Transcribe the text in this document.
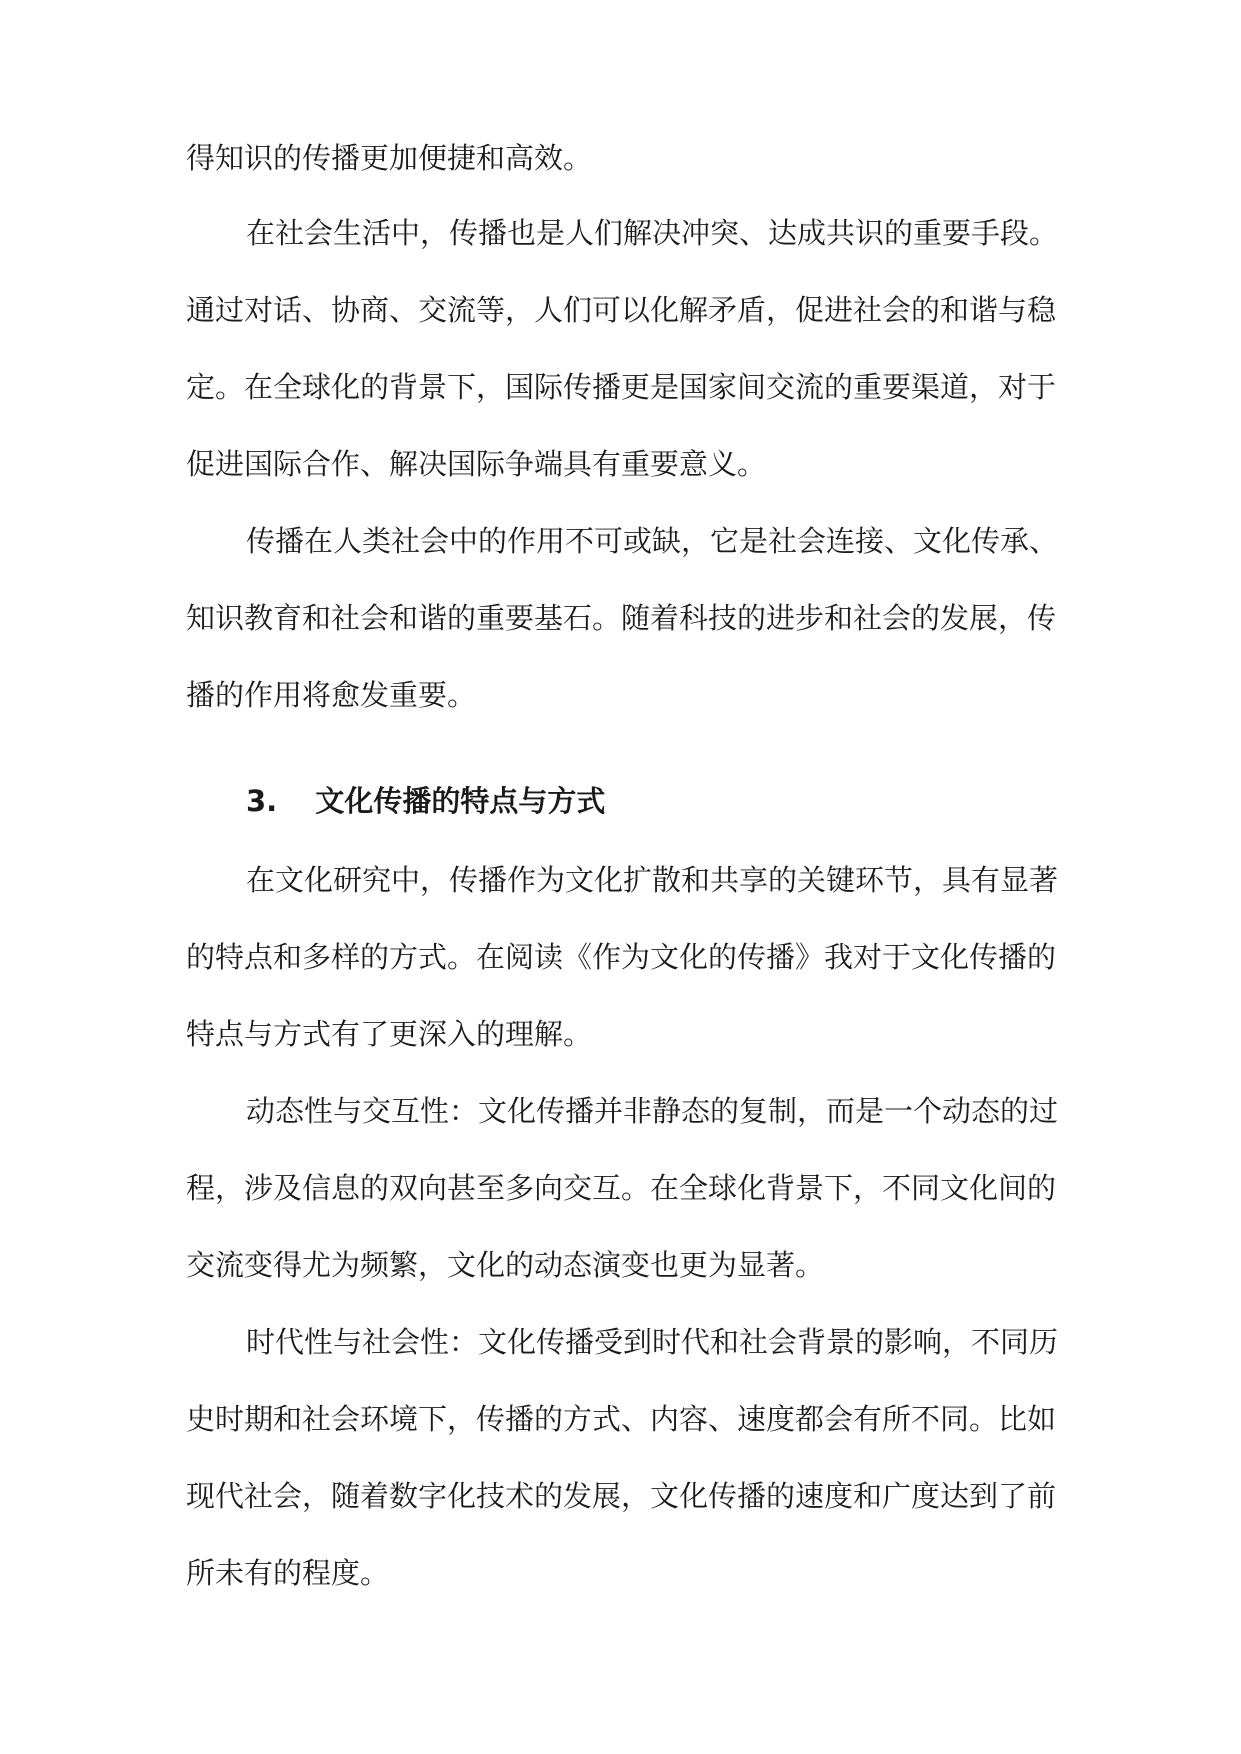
得知识的传播更加便捷和高效。

在社会生活中，传播也是人们解决冲突、达成共识的重要手段。

通过对话、协商、交流等，人们可以化解矛盾，促进社会的和谐与稳

定。在全球化的背景下，国际传播更是国家间交流的重要渠道，对于

促进国际合作、解决国际争端具有重要意义。

传播在人类社会中的作用不可或缺，它是社会连接、文化传承、

知识教育和社会和谐的重要基石。随着科技的进步和社会的发展，传

播的作用将愈发重要。

3. 文化传播的特点与方式

在文化研究中，传播作为文化扩散和共享的关键环节，具有显著

的特点和多样的方式。在阅读《作为文化的传播》我对于文化传播的

特点与方式有了更深入的理解。

动态性与交互性：文化传播并非静态的复制，而是一个动态的过

程，涉及信息的双向甚至多向交互。在全球化背景下，不同文化间的

交流变得尤为频繁，文化的动态演变也更为显著。

时代性与社会性：文化传播受到时代和社会背景的影响，不同历

史时期和社会环境下，传播的方式、内容、速度都会有所不同。比如

现代社会，随着数字化技术的发展，文化传播的速度和广度达到了前

所未有的程度。
